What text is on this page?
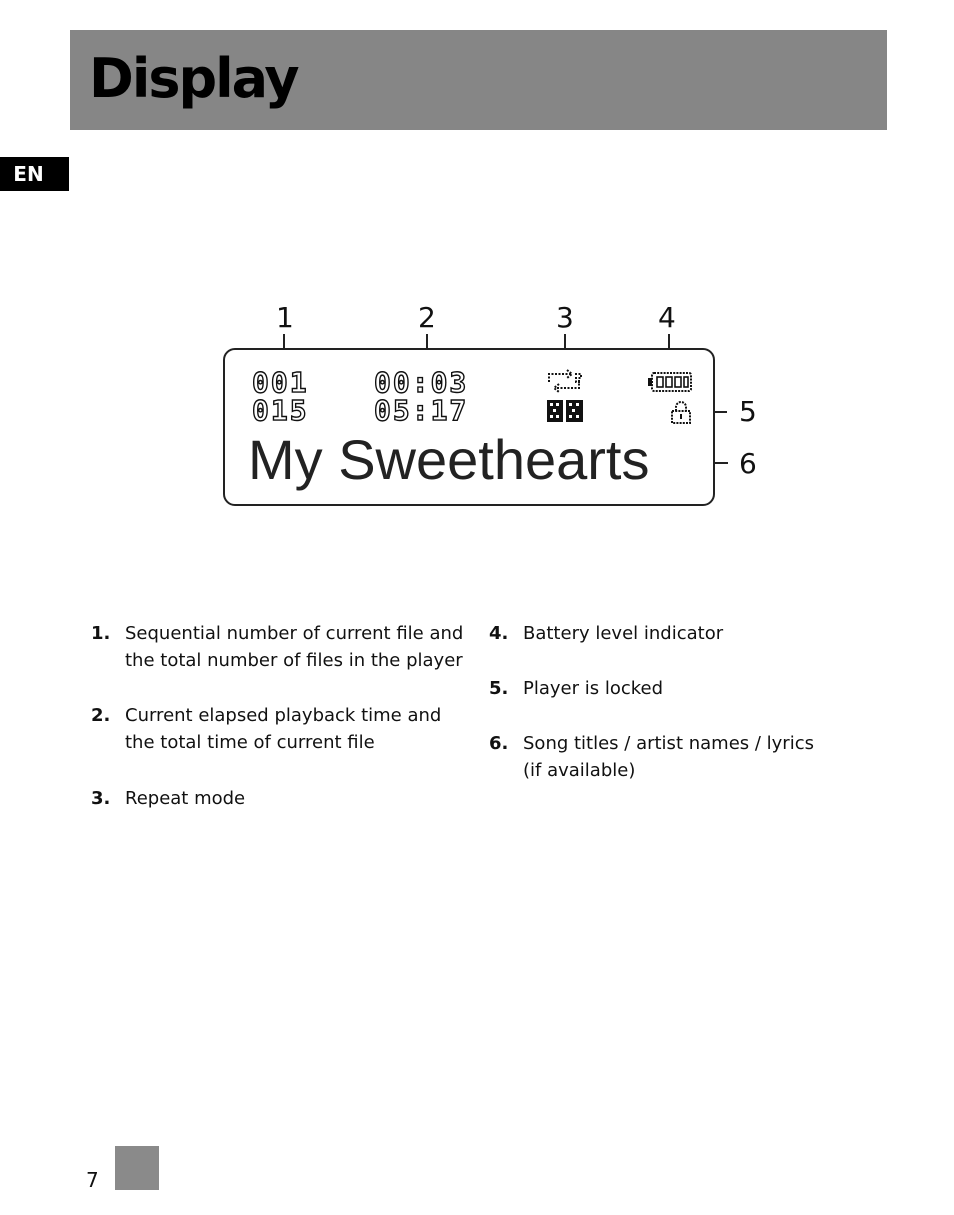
Display
EN
1	2	3	4
5
6
001
015
00:03
05:17
My Sweethearts
1. Sequential number of current file and the total number of files in the player
2. Current elapsed playback time and the total time of current file
3. Repeat mode
4. Battery level indicator
5. Player is locked
6. Song titles / artist names / lyrics (if available)
7
